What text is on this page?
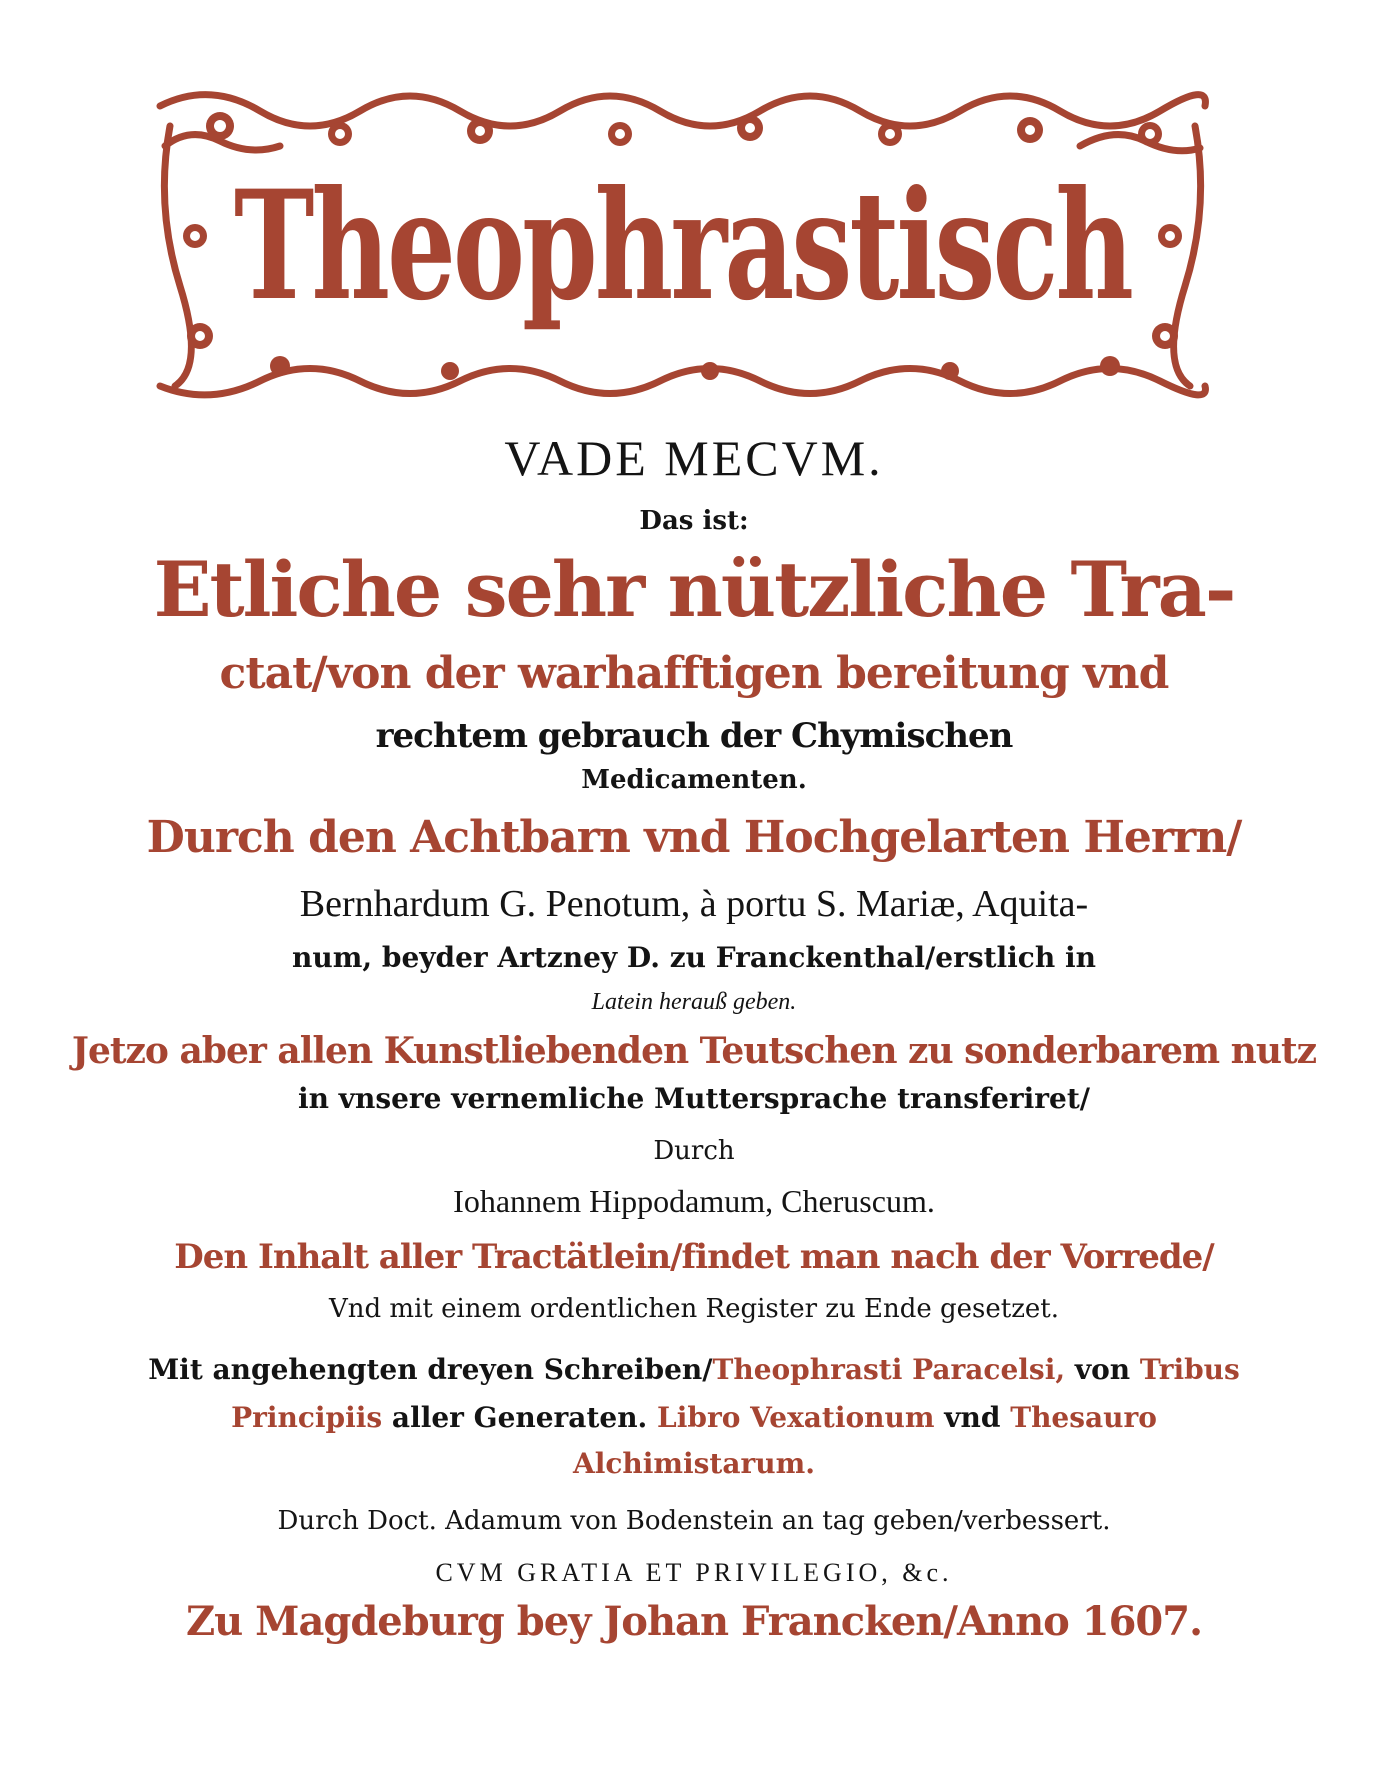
Theophrastisch
VADE MECVM.
Das ist:
Etliche sehr nützliche Tra-
ctat/von der warhafftigen bereitung vnd
rechtem gebrauch der Chymischen
Medicamenten.
Durch den Achtbarn vnd Hochgelarten Herrn/
Bernhardum G. Penotum, à portu S. Mariæ, Aquita-
num, beyder Artzney D. zu Franckenthal/erstlich in
Latein herauß geben.
Jetzo aber allen Kunstliebenden Teutschen zu sonderbarem nutz
in vnsere vernemliche Muttersprache transferiret/
Durch
Iohannem Hippodamum, Cheruscum.
Den Inhalt aller Tractätlein/findet man nach der Vorrede/
Vnd mit einem ordentlichen Register zu Ende gesetzet.
Mit angehengten dreyen Schreiben/Theophrasti Paracelsi, von Tribus
Principiis aller Generaten. Libro Vexationum vnd Thesauro
Alchimistarum.
Durch Doct. Adamum von Bodenstein an tag geben/verbessert.
CVM GRATIA ET PRIVILEGIO, &c.
Zu Magdeburg bey Johan Francken/Anno 1607.
